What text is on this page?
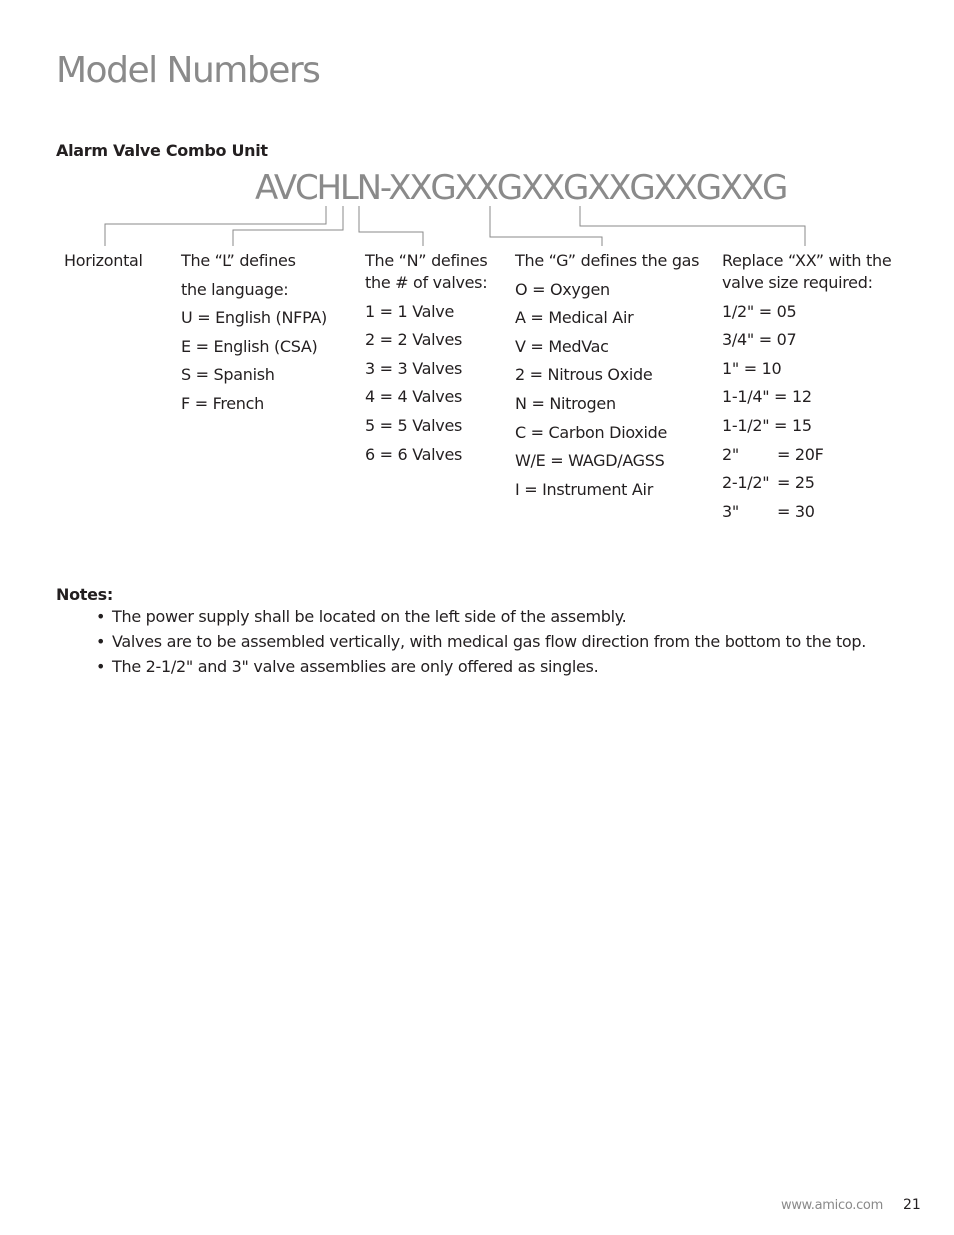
Model Numbers
Alarm Valve Combo Unit
AVCHLN-XXGXXGXXGXXGXXGXXG
Horizontal The “L” defines
the language:
U = English (NFPA)
E = English (CSA)
S = Spanish
F = French
The “N” defines
the # of valves:
1 = 1 Valve
2 = 2 Valves
3 = 3 Valves
4 = 4 Valves
5 = 5 Valves
6 = 6 Valves
The “G” defines the gas
O = Oxygen
A = Medical Air
V = MedVac
2 = Nitrous Oxide
N = Nitrogen
C = Carbon Dioxide
W/E = WAGD/AGSS
I = Instrument Air
Replace “XX” with the
valve size required:
1/2" = 05
3/4" = 07
1" = 10
1-1/4" = 12
1-1/2" = 15
2" = 20F
2-1/2" = 25
3" = 30
Notes:
• The power supply shall be located on the left side of the assembly.
• Valves are to be assembled vertically, with medical gas flow direction from the bottom to the top.
• The 2-1/2" and 3" valve assemblies are only offered as singles.
www.amico.com 21
